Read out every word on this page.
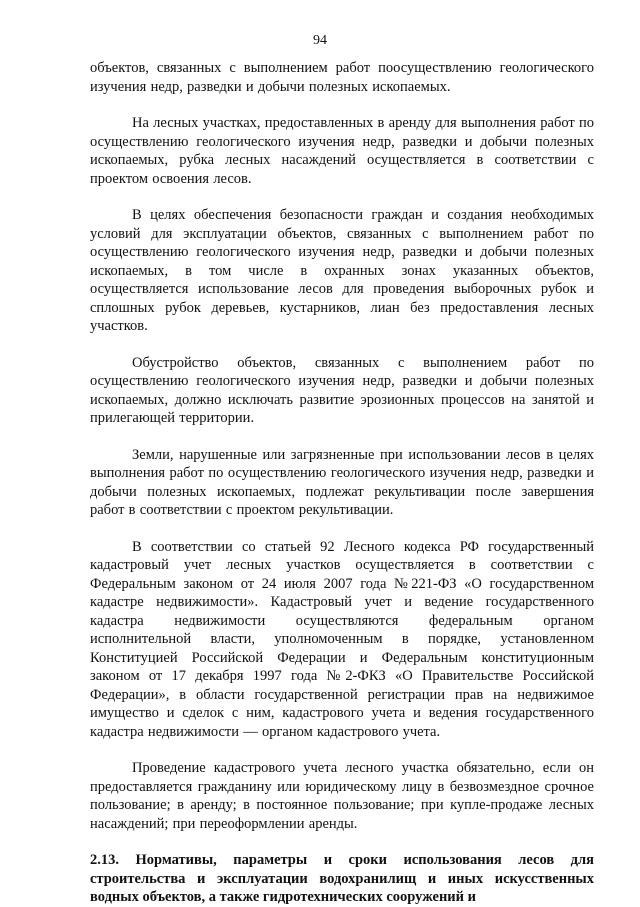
94

объектов, связанных с выполнением работ поосуществлению геологического изучения недр, разведки и добычи полезных ископаемых.

На лесных участках, предоставленных в аренду для выполнения работ по осуществлению геологического изучения недр, разведки и добычи полезных ископаемых, рубка лесных насаждений осуществляется в соответствии с проектом освоения лесов.

В целях обеспечения безопасности граждан и создания необходимых условий для эксплуатации объектов, связанных с выполнением работ по осуществлению геологического изучения недр, разведки и добычи полезных ископаемых, в том числе в охранных зонах указанных объектов, осуществляется использование лесов для проведения выборочных рубок и сплошных рубок деревьев, кустарников, лиан без предоставления лесных участков.

Обустройство объектов, связанных с выполнением работ по осуществлению геологического изучения недр, разведки и добычи полезных ископаемых, должно исключать развитие эрозионных процессов на занятой и прилегающей территории.

Земли, нарушенные или загрязненные при использовании лесов в целях выполнения работ по осуществлению геологического изучения недр, разведки и добычи полезных ископаемых, подлежат рекультивации после завершения работ в соответствии с проектом рекультивации.

В соответствии со статьей 92 Лесного кодекса РФ государственный кадастровый учет лесных участков осуществляется в соответствии с Федеральным законом от 24 июля 2007 года №221-ФЗ «О государственном кадастре недвижимости». Кадастровый учет и ведение государственного кадастра недвижимости осуществляются федеральным органом исполнительной власти, уполномоченным в порядке, установленном Конституцией Российской Федерации и Федеральным конституционным законом от 17 декабря 1997 года №2-ФКЗ «О Правительстве Российской Федерации», в области государственной регистрации прав на недвижимое имущество и сделок с ним, кадастрового учета и ведения государственного кадастра недвижимости — органом кадастрового учета.

Проведение кадастрового учета лесного участка обязательно, если он предоставляется гражданину или юридическому лицу в безвозмездное срочное пользование; в аренду; в постоянное пользование; при купле-продаже лесных насаждений; при переоформлении аренды.

2.13. Нормативы, параметры и сроки использования лесов для строительства и эксплуатации водохранилищ и иных искусственных водных объектов, а также гидротехнических сооружений и
